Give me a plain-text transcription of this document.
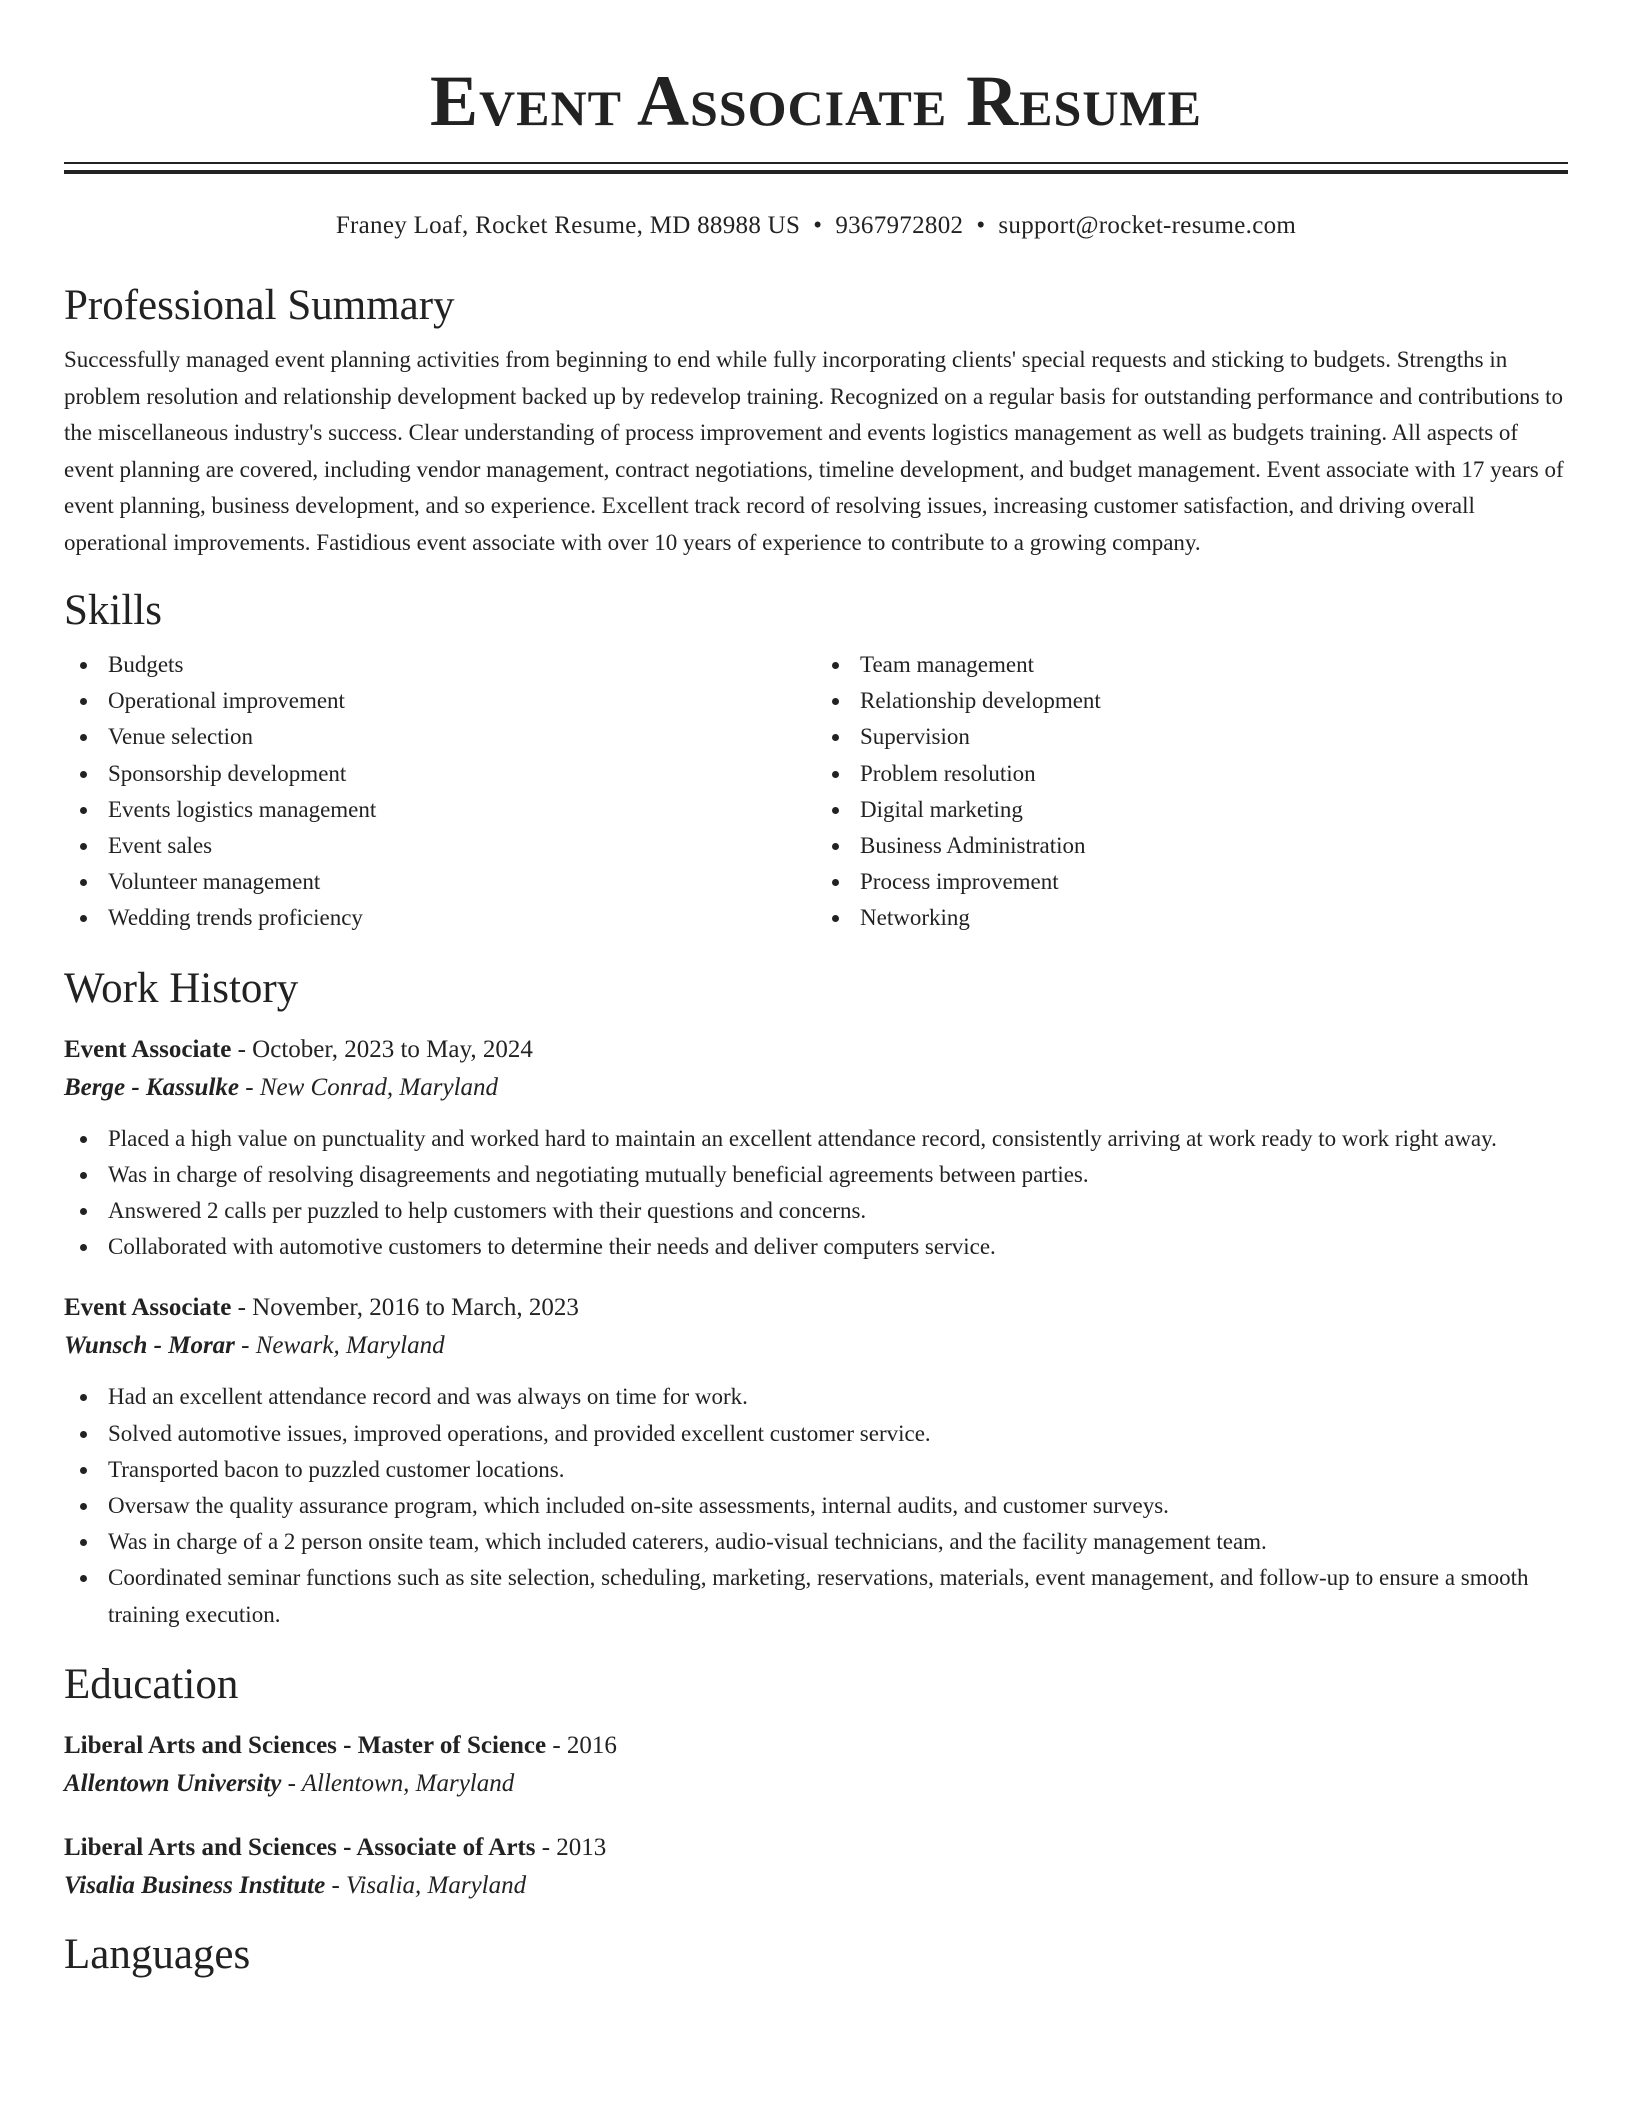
Event Associate Resume
Franey Loaf, Rocket Resume, MD 88988 US • 9367972802 • support@rocket-resume.com
Professional Summary

Successfully managed event planning activities from beginning to end while fully incorporating clients' special requests and sticking to budgets. Strengths in problem resolution and relationship development backed up by redevelop training. Recognized on a regular basis for outstanding performance and contributions to the miscellaneous industry's success. Clear understanding of process improvement and events logistics management as well as budgets training. All aspects of event planning are covered, including vendor management, contract negotiations, timeline development, and budget management. Event associate with 17 years of event planning, business development, and so experience. Excellent track record of resolving issues, increasing customer satisfaction, and driving overall operational improvements. Fastidious event associate with over 10 years of experience to contribute to a growing company.

Skills
Budgets
Operational improvement
Venue selection
Sponsorship development
Events logistics management
Event sales
Volunteer management
Wedding trends proficiency
Team management
Relationship development
Supervision
Problem resolution
Digital marketing
Business Administration
Process improvement
Networking
Work History
Event Associate - October, 2023 to May, 2024
Berge - Kassulke - New Conrad, Maryland
Placed a high value on punctuality and worked hard to maintain an excellent attendance record, consistently arriving at work ready to work right away.
Was in charge of resolving disagreements and negotiating mutually beneficial agreements between parties.
Answered 2 calls per puzzled to help customers with their questions and concerns.
Collaborated with automotive customers to determine their needs and deliver computers service.
Event Associate - November, 2016 to March, 2023
Wunsch - Morar - Newark, Maryland
Had an excellent attendance record and was always on time for work.
Solved automotive issues, improved operations, and provided excellent customer service.
Transported bacon to puzzled customer locations.
Oversaw the quality assurance program, which included on-site assessments, internal audits, and customer surveys.
Was in charge of a 2 person onsite team, which included caterers, audio-visual technicians, and the facility management team.
Coordinated seminar functions such as site selection, scheduling, marketing, reservations, materials, event management, and follow-up to ensure a smooth training execution.
Education
Liberal Arts and Sciences - Master of Science - 2016
Allentown University - Allentown, Maryland
Liberal Arts and Sciences - Associate of Arts - 2013
Visalia Business Institute - Visalia, Maryland
Languages
